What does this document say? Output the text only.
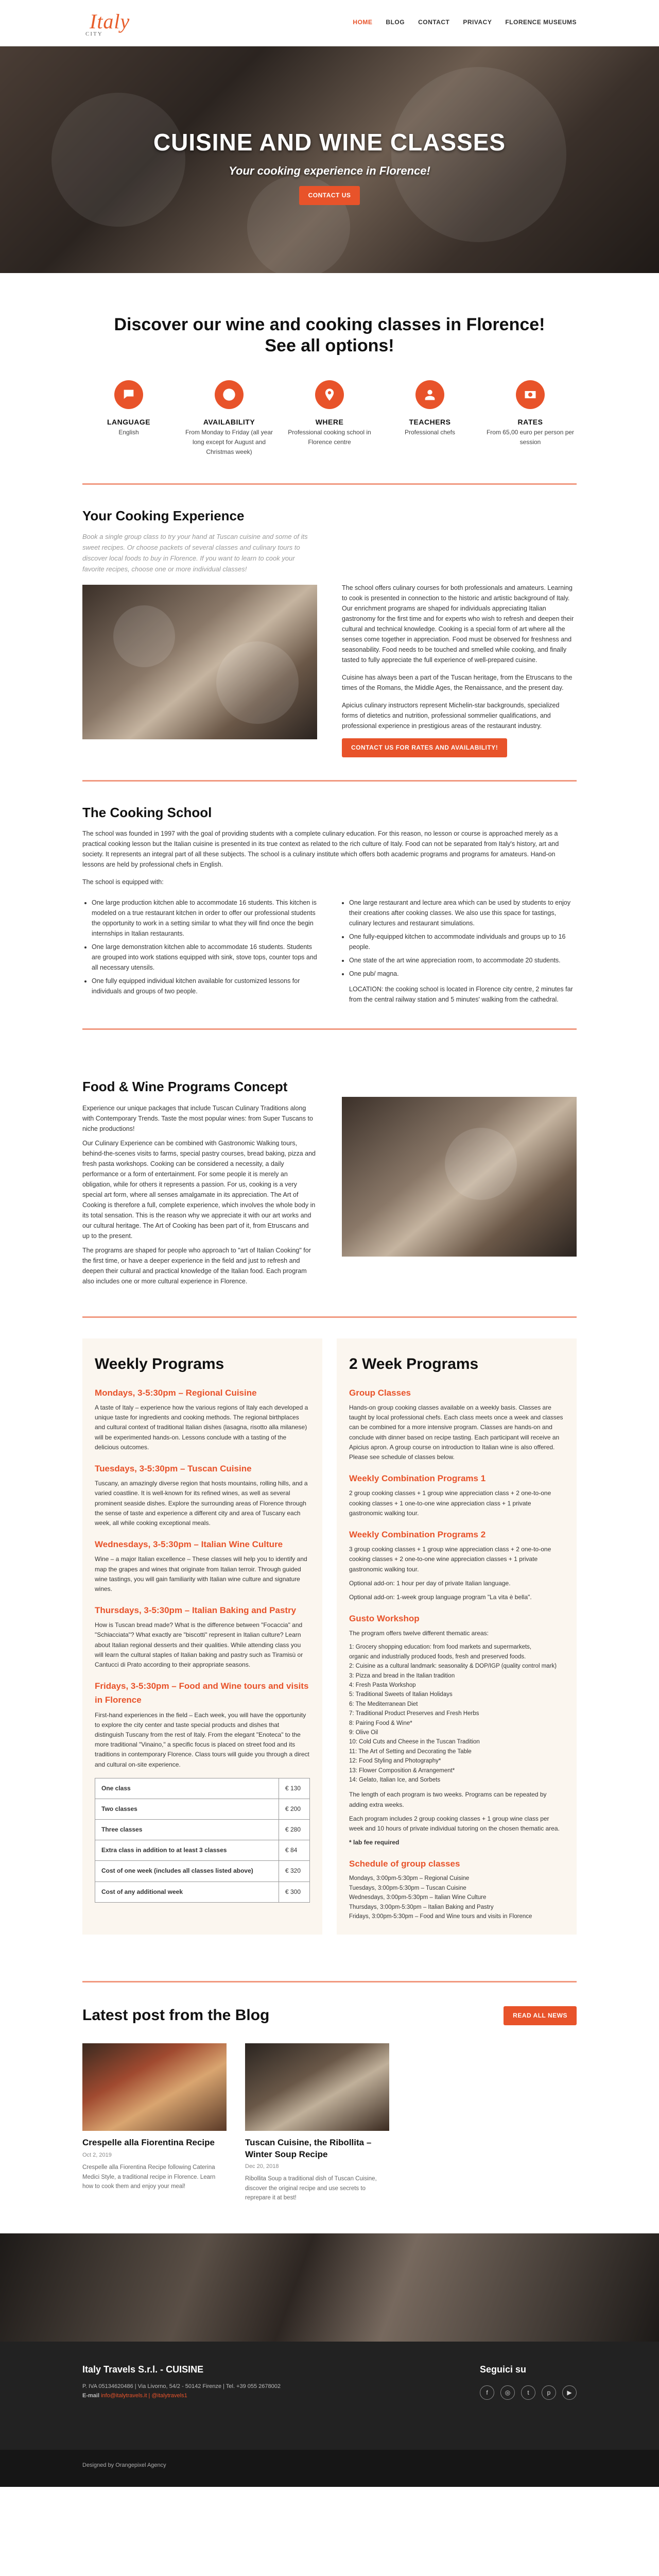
Italy
CITY
HOME BLOG CONTACT PRIVACY FLORENCE MUSEUMS
CUISINE AND WINE CLASSES

Your cooking experience in Florence!

CONTACT US
Discover our wine and cooking classes in Florence! See all options!
LANGUAGE

English

AVAILABILITY

From Monday to Friday (all year long except for August and Christmas week)

WHERE

Professional cooking school in Florence centre

TEACHERS

Professional chefs

RATES

From 65,00 euro per person per session

Your Cooking Experience

Book a single group class to try your hand at Tuscan cuisine and some of its sweet recipes. Or choose packets of several classes and culinary tours to discover local foods to buy in Florence. If you want to learn to cook your favorite recipes, choose one or more individual classes!

The school offers culinary courses for both professionals and amateurs. Learning to cook is presented in connection to the historic and artistic background of Italy. Our enrichment programs are shaped for individuals appreciating Italian gastronomy for the first time and for experts who wish to refresh and deepen their cultural and technical knowledge. Cooking is a special form of art where all the senses come together in appreciation. Food must be observed for freshness and seasonability. Food needs to be touched and smelled while cooking, and finally tasted to fully appreciate the full experience of well-prepared cuisine.

Cuisine has always been a part of the Tuscan heritage, from the Etruscans to the times of the Romans, the Middle Ages, the Renaissance, and the present day.

Apicius culinary instructors represent Michelin-star backgrounds, specialized forms of dietetics and nutrition, professional sommelier qualifications, and professional experience in prestigious areas of the restaurant industry.

CONTACT US FOR RATES AND AVAILABILITY!
The Cooking School

The school was founded in 1997 with the goal of providing students with a complete culinary education. For this reason, no lesson or course is approached merely as a practical cooking lesson but the Italian cuisine is presented in its true context as related to the rich culture of Italy. Food can not be separated from Italy's history, art and society. It represents an integral part of all these subjects. The school is a culinary institute which offers both academic programs and programs for amateurs. Hand-on lessons are held by professional chefs in English.

The school is equipped with:

• One large production kitchen able to accommodate 16 students. This kitchen is modeled on a true restaurant kitchen in order to offer our professional students the opportunity to work in a setting similar to what they will find once the begin internships in Italian restaurants.
• One large demonstration kitchen able to accommodate 16 students. Students are grouped into work stations equipped with sink, stove tops, counter tops and all necessary utensils.
• One fully equipped individual kitchen available for customized lessons for individuals and groups of two people.
• One large restaurant and lecture area which can be used by students to enjoy their creations after cooking classes. We also use this space for tastings, culinary lectures and restaurant simulations.
• One fully-equipped kitchen to accommodate individuals and groups up to 16 people.
• One state of the art wine appreciation room, to accommodate 20 students.
• One pub/ magna.
LOCATION: the cooking school is located in Florence city centre, 2 minutes far from the central railway station and 5 minutes' walking from the cathedral.
Food & Wine Programs Concept

Experience our unique packages that include Tuscan Culinary Traditions along with Contemporary Trends. Taste the most popular wines: from Super Tuscans to niche productions!

Our Culinary Experience can be combined with Gastronomic Walking tours, behind-the-scenes visits to farms, special pastry courses, bread baking, pizza and fresh pasta workshops. Cooking can be considered a necessity, a daily performance or a form of entertainment. For some people it is merely an obligation, while for others it represents a passion. For us, cooking is a very special art form, where all senses amalgamate in its appreciation. The Art of Cooking is therefore a full, complete experience, which involves the whole body in its total sensation. This is the reason why we appreciate it with our art works and our cultural heritage. The Art of Cooking has been part of it, from Etruscans and up to the present.

The programs are shaped for people who approach to "art of Italian Cooking" for the first time, or have a deeper experience in the field and just to refresh and deepen their cultural and practical knowledge of the Italian food. Each program also includes one or more cultural experience in Florence.

Weekly Programs
Mondays, 3-5:30pm – Regional Cuisine

A taste of Italy – experience how the various regions of Italy each developed a unique taste for ingredients and cooking methods. The regional birthplaces and cultural context of traditional Italian dishes (lasagna, risotto alla milanese) will be experimented hands-on. Lessons conclude with a tasting of the delicious outcomes.

Tuesdays, 3-5:30pm – Tuscan Cuisine

Tuscany, an amazingly diverse region that hosts mountains, rolling hills, and a varied coastline. It is well-known for its refined wines, as well as several prominent seaside dishes. Explore the surrounding areas of Florence through the sense of taste and experience a different city and area of Tuscany each week, all while cooking exceptional meals.

Wednesdays, 3-5:30pm – Italian Wine Culture

Wine – a major Italian excellence – These classes will help you to identify and map the grapes and wines that originate from Italian terroir. Through guided wine tastings, you will gain familiarity with Italian wine culture and signature wines.

Thursdays, 3-5:30pm – Italian Baking and Pastry

How is Tuscan bread made? What is the difference between "Focaccia" and "Schiacciata"? What exactly are "biscotti" represent in Italian culture? Learn about Italian regional desserts and their qualities. While attending class you will learn the cultural staples of Italian baking and pastry such as Tiramisù or Cantucci di Prato according to their appropriate seasons.

Fridays, 3-5:30pm – Food and Wine tours and visits in Florence

First-hand experiences in the field – Each week, you will have the opportunity to explore the city center and taste special products and dishes that distinguish Tuscany from the rest of Italy. From the elegant "Enoteca" to the more traditional "Vinaino," a specific focus is placed on street food and its traditions in contemporary Florence. Class tours will guide you through a direct and cultural on-site experience.

One class	€ 130
Two classes	€ 200
Three classes	€ 280
Extra class in addition to at least 3 classes	€ 84
Cost of one week (includes all classes listed above)	€ 320
Cost of any additional week	€ 300
2 Week Programs
Group Classes

Hands-on group cooking classes available on a weekly basis. Classes are taught by local professional chefs. Each class meets once a week and classes can be combined for a more intensive program. Classes are hands-on and conclude with dinner based on recipe tasting. Each participant will receive an Apicius apron. A group course on introduction to Italian wine is also offered. Please see schedule of classes below.

Weekly Combination Programs 1

2 group cooking classes + 1 group wine appreciation class + 2 one-to-one cooking classes + 1 one-to-one wine appreciation class + 1 private gastronomic walking tour.

Weekly Combination Programs 2

3 group cooking classes + 1 group wine appreciation class + 2 one-to-one cooking classes + 2 one-to-one wine appreciation classes + 1 private gastronomic walking tour.

Optional add-on: 1 hour per day of private Italian language.

Optional add-on: 1-week group language program "La vita è bella".

Gusto Workshop

The program offers twelve different thematic areas:

1: Grocery shopping education: from food markets and supermarkets,
organic and industrially produced foods, fresh and preserved foods.
2: Cuisine as a cultural landmark: seasonality & DOP/IGP (quality control mark)
3: Pizza and bread in the Italian tradition
4: Fresh Pasta Workshop
5: Traditional Sweets of Italian Holidays
6: The Mediterranean Diet
7: Traditional Product Preserves and Fresh Herbs
8: Pairing Food & Wine*
9: Olive Oil
10: Cold Cuts and Cheese in the Tuscan Tradition
11: The Art of Setting and Decorating the Table
12: Food Styling and Photography*
13: Flower Composition & Arrangement*
14: Gelato, Italian Ice, and Sorbets

The length of each program is two weeks. Programs can be repeated by adding extra weeks.

Each program includes 2 group cooking classes + 1 group wine class per week and 10 hours of private individual tutoring on the chosen thematic area.

* lab fee required

Schedule of group classes
Mondays, 3:00pm-5:30pm – Regional Cuisine
Tuesdays, 3:00pm-5:30pm – Tuscan Cuisine
Wednesdays, 3:00pm-5:30pm – Italian Wine Culture
Thursdays, 3:00pm-5:30pm – Italian Baking and Pastry
Fridays, 3:00pm-5:30pm – Food and Wine tours and visits in Florence
Latest post from the Blog	READ ALL NEWS
Crespelle alla Fiorentina Recipe
Oct 2, 2019

Crespelle alla Fiorentina Recipe following Caterina Medici Style, a traditional recipe in Florence. Learn how to cook them and enjoy your meal!

Tuscan Cuisine, the Ribollita – Winter Soup Recipe
Dec 20, 2018

Ribollita Soup a traditional dish of Tuscan Cuisine, discover the original recipe and use secrets to reprepare it at best!

Italy Travels S.r.l. - CUISINE

P. IVA 05134620486 | Via Livorno, 54/2 - 50142 Firenze | Tel. +39 055 2678002

E-mail info@italytravels.it | @italytravels1

Seguici su
f	◎	t	p	▶
Designed by Orangepixel Agency
